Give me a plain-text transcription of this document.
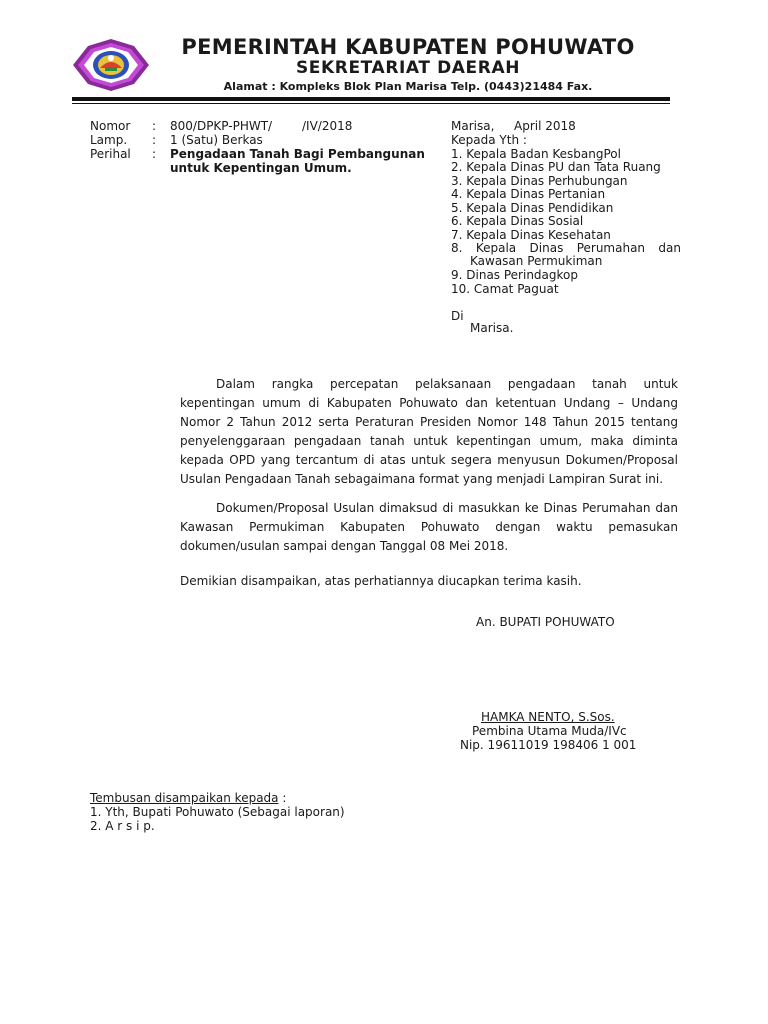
PEMERINTAH KABUPATEN POHUWATO
SEKRETARIAT DAERAH
Alamat : Kompleks Blok Plan Marisa Telp. (0443)21484 Fax.
Nomor : 800/DPKP-PHWT/ /IV/2018
Lamp. : 1 (Satu) Berkas
Perihal : Pengadaan Tanah Bagi Pembangunan
untuk Kepentingan Umum.
Marisa, April 2018
Kepada Yth :
1. Kepala Badan KesbangPol
2. Kepala Dinas PU dan Tata Ruang
3. Kepala Dinas Perhubungan
4. Kepala Dinas Pertanian
5. Kepala Dinas Pendidikan
6. Kepala Dinas Sosial
7. Kepala Dinas Kesehatan
8. Kepala Dinas Perumahan dan
Kawasan Permukiman
9. Dinas Perindagkop
10. Camat Paguat
Di
Marisa.
Dalam rangka percepatan pelaksanaan pengadaan tanah untuk
kepentingan umum di Kabupaten Pohuwato dan ketentuan Undang – Undang
Nomor 2 Tahun 2012 serta Peraturan Presiden Nomor 148 Tahun 2015 tentang
penyelenggaraan pengadaan tanah untuk kepentingan umum, maka diminta
kepada OPD yang tercantum di atas untuk segera menyusun Dokumen/Proposal
Usulan Pengadaan Tanah sebagaimana format yang menjadi Lampiran Surat ini.
Dokumen/Proposal Usulan dimaksud di masukkan ke Dinas Perumahan dan
Kawasan Permukiman Kabupaten Pohuwato dengan waktu pemasukan
dokumen/usulan sampai dengan Tanggal 08 Mei 2018.
Demikian disampaikan, atas perhatiannya diucapkan terima kasih.
An. BUPATI POHUWATO
HAMKA NENTO, S.Sos.
Pembina Utama Muda/IVc
Nip. 19611019 198406 1 001
Tembusan disampaikan kepada :
1. Yth, Bupati Pohuwato (Sebagai laporan)
2. A r s i p.
